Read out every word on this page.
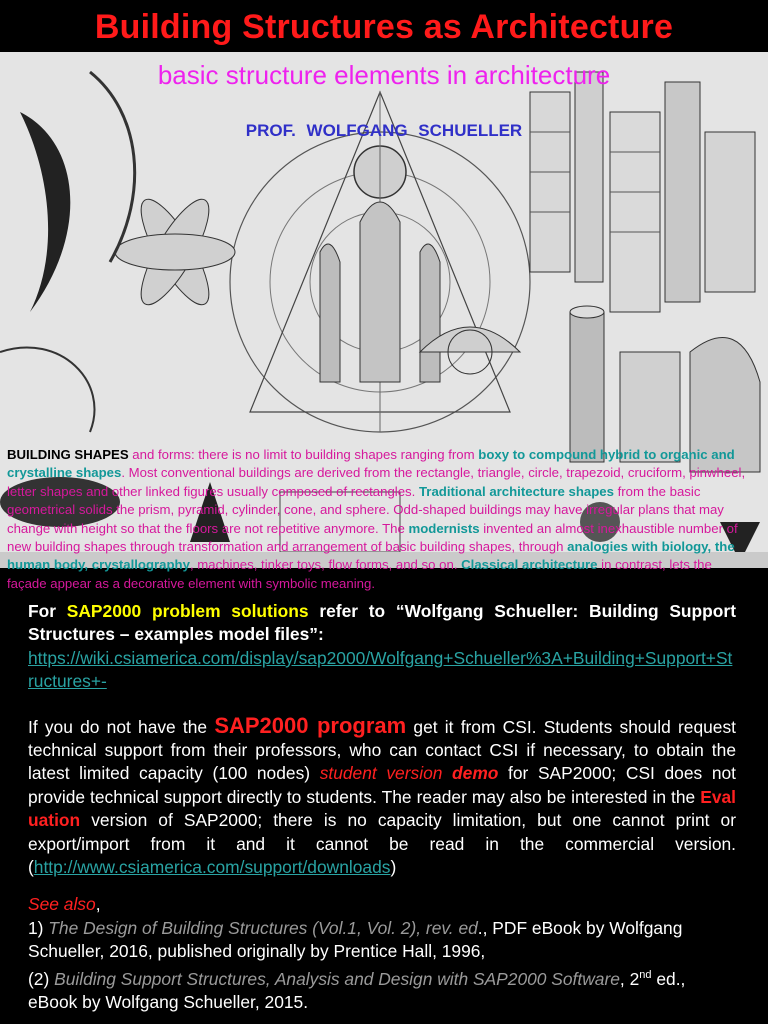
Building Structures as Architecture
BUILDING SHAPES and forms: there is no limit to building shapes ranging from boxy to compound hybrid to organic and crystalline shapes. Most conventional buildings are derived from the rectangle, triangle, circle, trapezoid, cruciform, pinwheel, letter shapes and other linked figures usually composed of rectangles. Traditional architecture shapes from the basic geometrical solids the prism, pyramid, cylinder, cone, and sphere. Odd-shaped buildings may have irregular plans that may change with height so that the floors are not repetitive anymore. The modernists invented an almost inexhaustible number of new building shapes through transformation and arrangement of basic building shapes, through analogies with biology, the human body, crystallography, machines, tinker toys, flow forms, and so on. Classical architecture in contrast, lets the façade appear as a decorative element with symbolic meaning.
basic structure elements in architecture
PROF. WOLFGANG SCHUELLER

For SAP2000 problem solutions refer to “Wolfgang Schueller: Building Support Structures – examples model files”:
https://wiki.csiamerica.com/display/sap2000/Wolfgang+Schueller%3A+Building+Support+Structures+-

If you do not have the SAP2000 program get it from CSI. Students should request technical support from their professors, who can contact CSI if necessary, to obtain the latest limited capacity (100 nodes) student version demo for SAP2000; CSI does not provide technical support directly to students. The reader may also be interested in the Eval uation version of SAP2000; there is no capacity limitation, but one cannot print or export/import from it and it cannot be read in the commercial version. (http://www.csiamerica.com/support/downloads)

See also,
1) The Design of Building Structures (Vol.1, Vol. 2), rev. ed., PDF eBook by Wolfgang Schueller, 2016, published originally by Prentice Hall, 1996,
(2) Building Support Structures, Analysis and Design with SAP2000 Software, 2nd ed., eBook by Wolfgang Schueller, 2015.
